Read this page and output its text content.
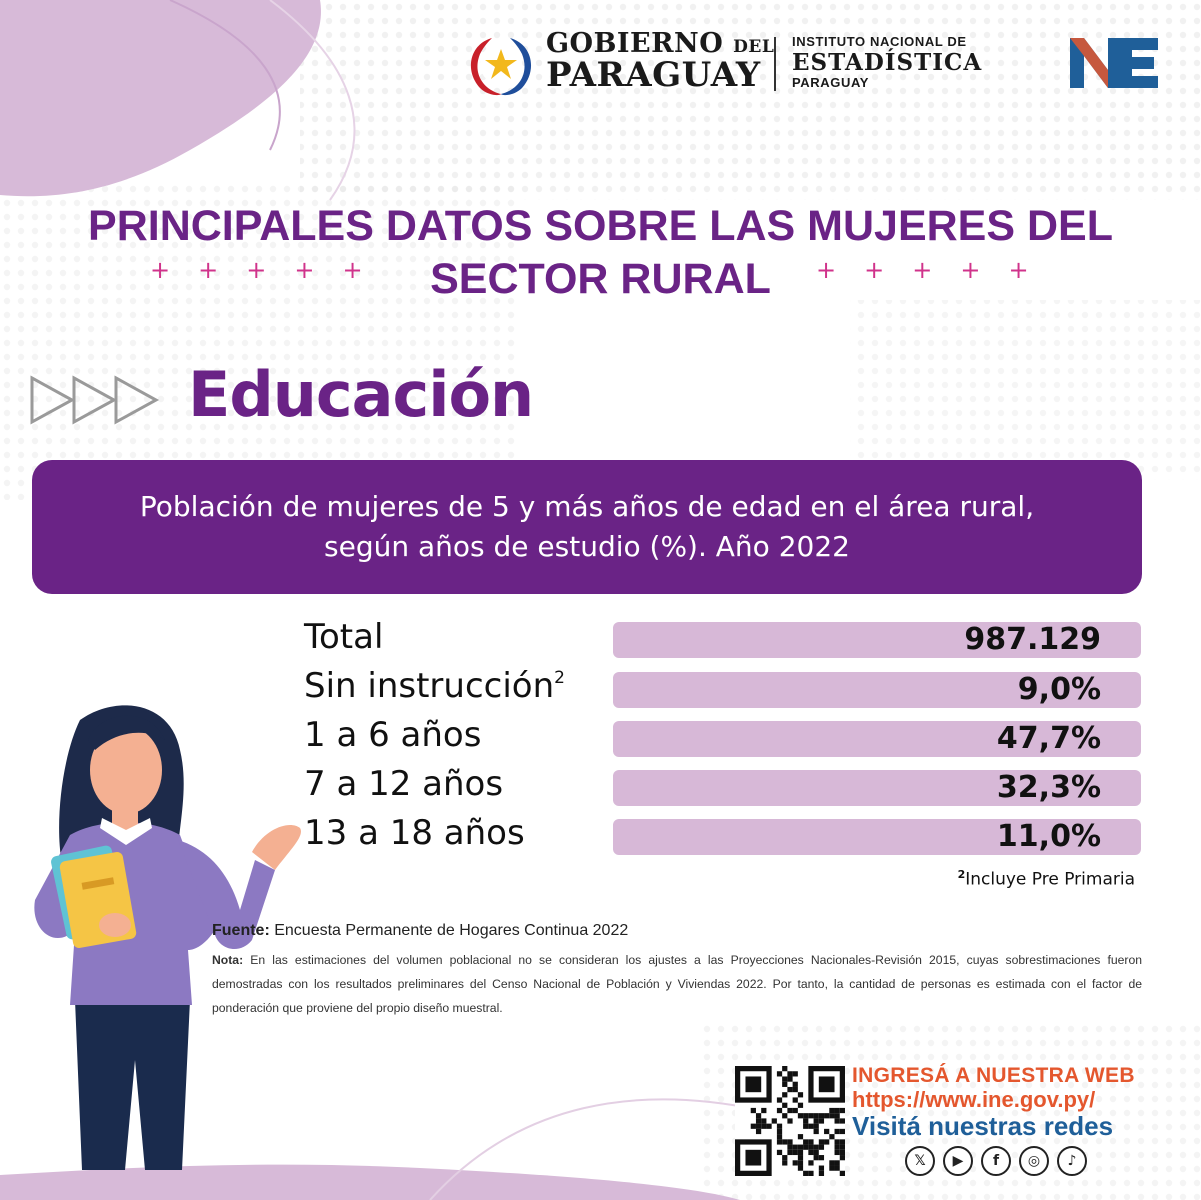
GOBIERNO DEL
PARAGUAY
INSTITUTO NACIONAL DE
ESTADÍSTICA
PARAGUAY
NE
PRINCIPALES DATOS SOBRE LAS MUJERES DEL
SECTOR RURAL
+++++	+++++
Educación
Población de mujeres de 5 y más años de edad en el área rural,
según años de estudio (%). Año 2022
Total	987.129
Sin instrucción$^2$	9,0%
1 a 6 años	47,7%
7 a 12 años	32,3%
13 a 18 años	11,0%
$^2$Incluye Pre Primaria
Fuente: Encuesta Permanente de Hogares Continua 2022
Nota: En las estimaciones del volumen poblacional no se consideran los ajustes a las Proyecciones Nacionales-Revisión 2015, cuyas sobrestimaciones fueron demostradas con los resultados preliminares del Censo Nacional de Población y Viviendas 2022. Por tanto, la cantidad de personas es estimada con el factor de ponderación que proviene del propio diseño muestral.
INGRESÁ A NUESTRA WEB
https://www.ine.gov.py/
Visitá nuestras redes
𝕏	▶	f	◎	♪
